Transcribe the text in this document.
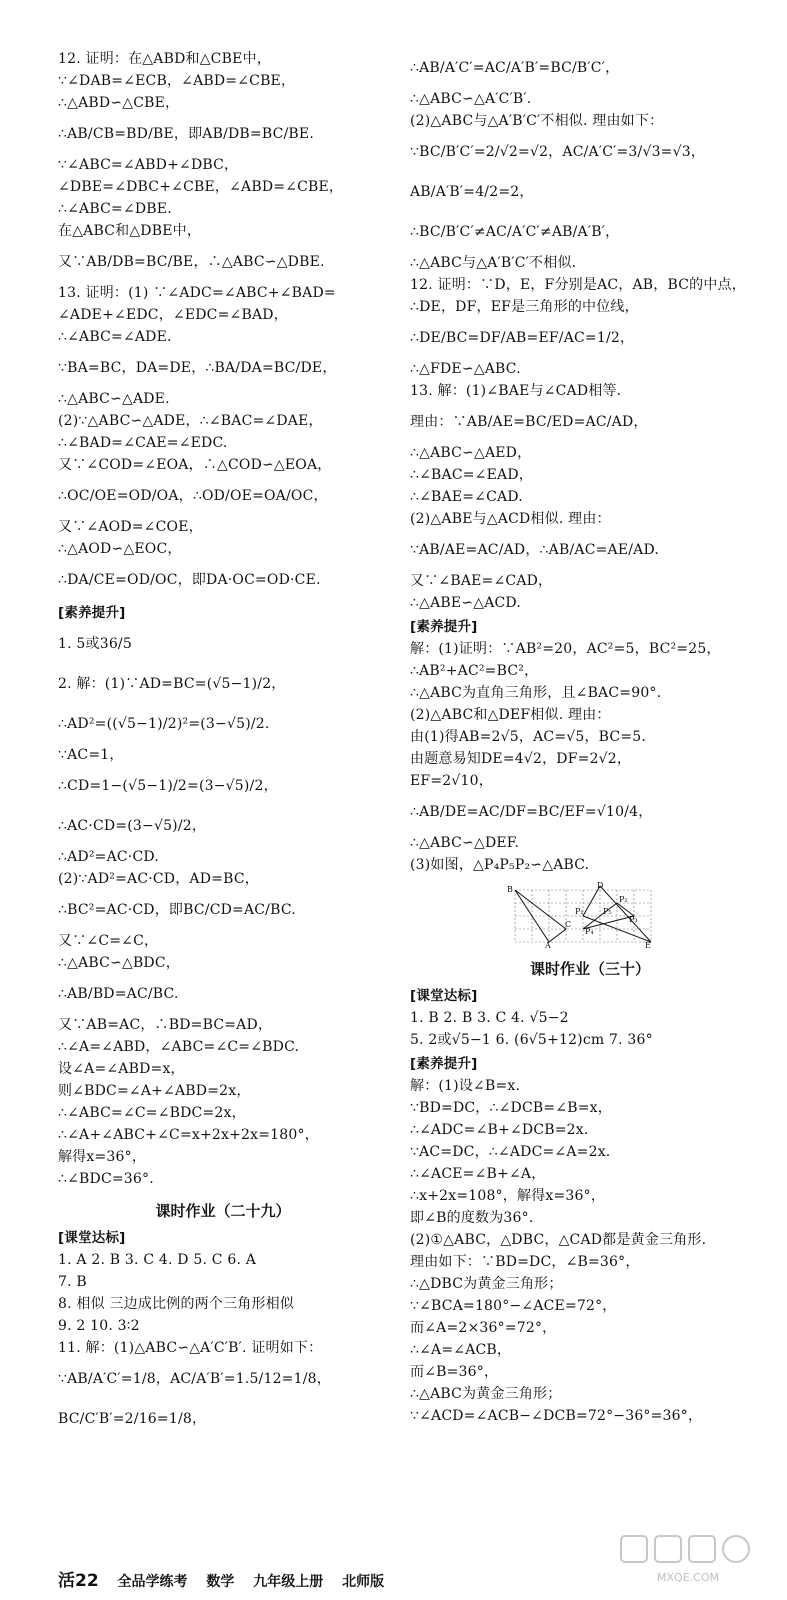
12. 证明：在△ABD和△CBE中，
∵∠DAB=∠ECB，∠ABD=∠CBE，
∴△ABD∽△CBE，
∴AB/CB=BD/BE，即AB/DB=BC/BE.
∵∠ABC=∠ABD+∠DBC，
∠DBE=∠DBC+∠CBE，∠ABD=∠CBE，
∴∠ABC=∠DBE.
在△ABC和△DBE中，
又∵AB/DB=BC/BE，∴△ABC∽△DBE.
13. 证明：(1) ∵∠ADC=∠ABC+∠BAD=
∠ADE+∠EDC，∠EDC=∠BAD，
∴∠ABC=∠ADE.
∵BA=BC，DA=DE，∴BA/DA=BC/DE，
∴△ABC∽△ADE.
(2)∵△ABC∽△ADE，∴∠BAC=∠DAE，
∴∠BAD=∠CAE=∠EDC.
又∵∠COD=∠EOA，∴△COD∽△EOA，
∴OC/OE=OD/OA，∴OD/OE=OA/OC，
又∵∠AOD=∠COE，
∴△AOD∽△EOC，
∴DA/CE=OD/OC，即DA·OC=OD·CE.
[素养提升]
1. 5或36/5
2. 解：(1)∵AD=BC=(√5−1)/2，
∴AD²=((√5−1)/2)²=(3−√5)/2.
∵AC=1，
∴CD=1−(√5−1)/2=(3−√5)/2，
∴AC·CD=(3−√5)/2，
∴AD²=AC·CD.
(2)∵AD²=AC·CD，AD=BC，
∴BC²=AC·CD，即BC/CD=AC/BC.
又∵∠C=∠C，
∴△ABC∽△BDC，
∴AB/BD=AC/BC.
又∵AB=AC，∴BD=BC=AD，
∴∠A=∠ABD，∠ABC=∠C=∠BDC.
设∠A=∠ABD=x，
则∠BDC=∠A+∠ABD=2x，
∴∠ABC=∠C=∠BDC=2x，
∴∠A+∠ABC+∠C=x+2x+2x=180°，
解得x=36°，
∴∠BDC=36°.
课时作业（二十九）
[课堂达标]
1. A 2. B 3. C 4. D 5. C 6. A
7. B
8. 相似 三边成比例的两个三角形相似
9. 2 10. 3∶2
11. 解：(1)△ABC∽△A′C′B′. 证明如下：
∵AB/A′C′=1/8，AC/A′B′=1.5/12=1/8，
BC/C′B′=2/16=1/8，
∴AB/A′C′=AC/A′B′=BC/B′C′，
∴△ABC∽△A′C′B′.
(2)△ABC与△A′B′C′不相似. 理由如下：
∵BC/B′C′=2/√2=√2，AC/A′C′=3/√3=√3，
AB/A′B′=4/2=2，
∴BC/B′C′≠AC/A′C′≠AB/A′B′，
∴△ABC与△A′B′C′不相似.
12. 证明：∵D，E，F分别是AC，AB，BC的中点，
∴DE，DF，EF是三角形的中位线，
∴DE/BC=DF/AB=EF/AC=1/2，
∴△FDE∽△ABC.
13. 解：(1)∠BAE与∠CAD相等.
理由：∵AB/AE=BC/ED=AC/AD，
∴△ABC∽△AED，
∴∠BAC=∠EAD，
∴∠BAE=∠CAD.
(2)△ABE与△ACD相似. 理由：
∵AB/AE=AC/AD，∴AB/AC=AE/AD.
又∵∠BAE=∠CAD，
∴△ABE∽△ACD.
[素养提升]
解：(1)证明：∵AB²=20，AC²=5，BC²=25，
∴AB²+AC²=BC²，
∴△ABC为直角三角形，且∠BAC=90°.
(2)△ABC和△DEF相似. 理由：
由(1)得AB=2√5，AC=√5，BC=5.
由题意易知DE=4√2，DF=2√2，
EF=2√10，
∴AB/DE=AC/DF=BC/EF=√10/4，
∴△ABC∽△DEF.
(3)如图，△P₄P₅P₂∽△ABC.
B	D
C
A	E
P₁
P₂
P₃
P₄
P₅
课时作业（三十）
[课堂达标]
1. B 2. B 3. C 4. √5−2
5. 2或√5−1 6. (6√5+12)cm 7. 36°
[素养提升]
解：(1)设∠B=x.
∵BD=DC，∴∠DCB=∠B=x，
∴∠ADC=∠B+∠DCB=2x.
∵AC=DC，∴∠ADC=∠A=2x.
∴∠ACE=∠B+∠A，
∴x+2x=108°，解得x=36°，
即∠B的度数为36°.
(2)①△ABC，△DBC，△CAD都是黄金三角形.
理由如下：∵BD=DC，∠B=36°，
∴△DBC为黄金三角形；
∵∠BCA=180°−∠ACE=72°，
而∠A=2×36°=72°，
∴∠A=∠ACB，
而∠B=36°，
∴△ABC为黄金三角形；
∵∠ACD=∠ACB−∠DCB=72°−36°=36°，
活22 全品学练考 数学 九年级上册 北师版	MXQE.COM
